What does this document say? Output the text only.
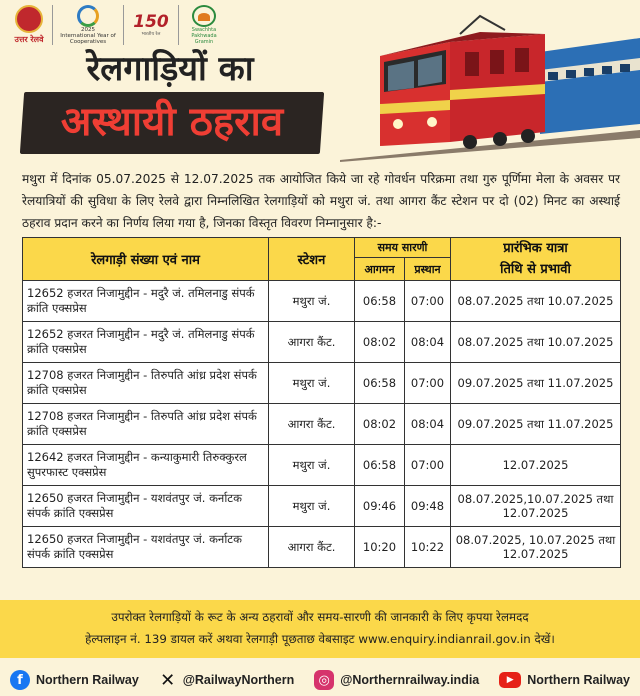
उत्तर रेलवे
2025
International Year of Cooperatives
150
भारतीय रेल
Swachhta Pakhwada Gramin
रेलगाड़ियों का
अस्थायी ठहराव
मथुरा में दिनांक 05.07.2025 से 12.07.2025 तक आयोजित किये जा रहे गोवर्धन परिक्रमा तथा गुरु पूर्णिमा मेला के अवसर पर रेलयात्रियों की सुविधा के लिए रेलवे द्वारा निम्नलिखित रेलगाड़ियों को मथुरा जं. तथा आगरा कैंट स्टेशन पर दो (02) मिनट का अस्थाई ठहराव प्रदान करने का निर्णय लिया गया है, जिनका विस्तृत विवरण निम्नानुसार है:-
रेलगाड़ी संख्या एवं नाम	स्टेशन	समय सारणी		प्रारंभिक यात्रा
तिथि से प्रभावी

		आगमन	प्रस्थान	
12652 हजरत निजामुद्दीन - मदुरै जं. तमिलनाडु संपर्क क्रांति एक्सप्रेस	मथुरा जं.	06:58	07:00	08.07.2025 तथा 10.07.2025
12652 हजरत निजामुद्दीन - मदुरै जं. तमिलनाडु संपर्क क्रांति एक्सप्रेस	आगरा कैंट.	08:02	08:04	08.07.2025 तथा 10.07.2025
12708 हजरत निजामुद्दीन - तिरुपति आंध्र प्रदेश संपर्क क्रांति एक्सप्रेस	मथुरा जं.	06:58	07:00	09.07.2025 तथा 11.07.2025
12708 हजरत निजामुद्दीन - तिरुपति आंध्र प्रदेश संपर्क क्रांति एक्सप्रेस	आगरा कैंट.	08:02	08:04	09.07.2025 तथा 11.07.2025
12642 हजरत निजामुद्दीन - कन्याकुमारी तिरुक्कुरल सुपरफास्ट एक्सप्रेस	मथुरा जं.	06:58	07:00	12.07.2025
12650 हजरत निजामुद्दीन - यशवंतपुर जं. कर्नाटक संपर्क क्रांति एक्सप्रेस	मथुरा जं.	09:46	09:48	08.07.2025,10.07.2025 तथा 12.07.2025
12650 हजरत निजामुद्दीन - यशवंतपुर जं. कर्नाटक संपर्क क्रांति एक्सप्रेस	आगरा कैंट.	10:20	10:22	08.07.2025, 10.07.2025 तथा 12.07.2025

उपरोक्त रेलगाड़ियों के रूट के अन्य ठहरावों और समय-सारणी की जानकारी के लिए कृपया रेलमदद

हेल्पलाइन नं. 139 डायल करें अथवा रेलगाड़ी पूछताछ वेबसाइट www.enquiry.indianrail.gov.in देखें।

f	Northern Railway ✕ @RailwayNorthern	◎ @Northernrailway.india	▶	Northern Railway
